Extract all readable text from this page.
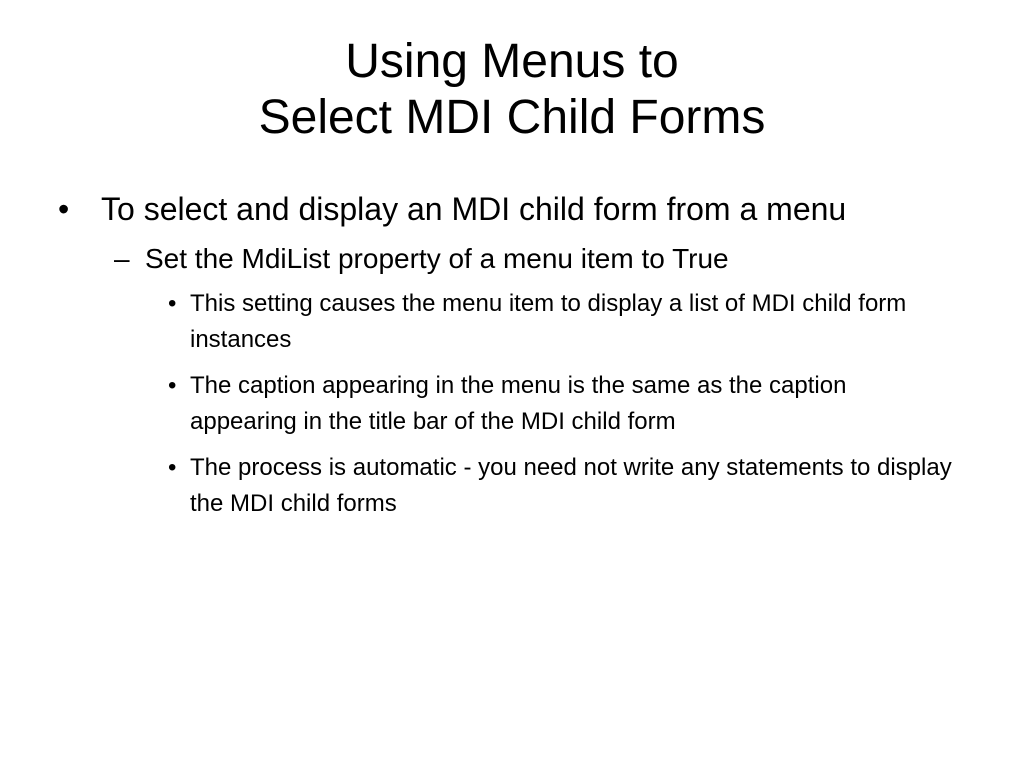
Using Menus to
Select MDI Child Forms
• To select and display an MDI child form from a menu
– Set the MdiList property of a menu item to True
• This setting causes the menu item to display a list of MDI child form instances
• The caption appearing in the menu is the same as the caption appearing in the title bar of the MDI child form
• The process is automatic - you need not write any statements to display the MDI child forms
